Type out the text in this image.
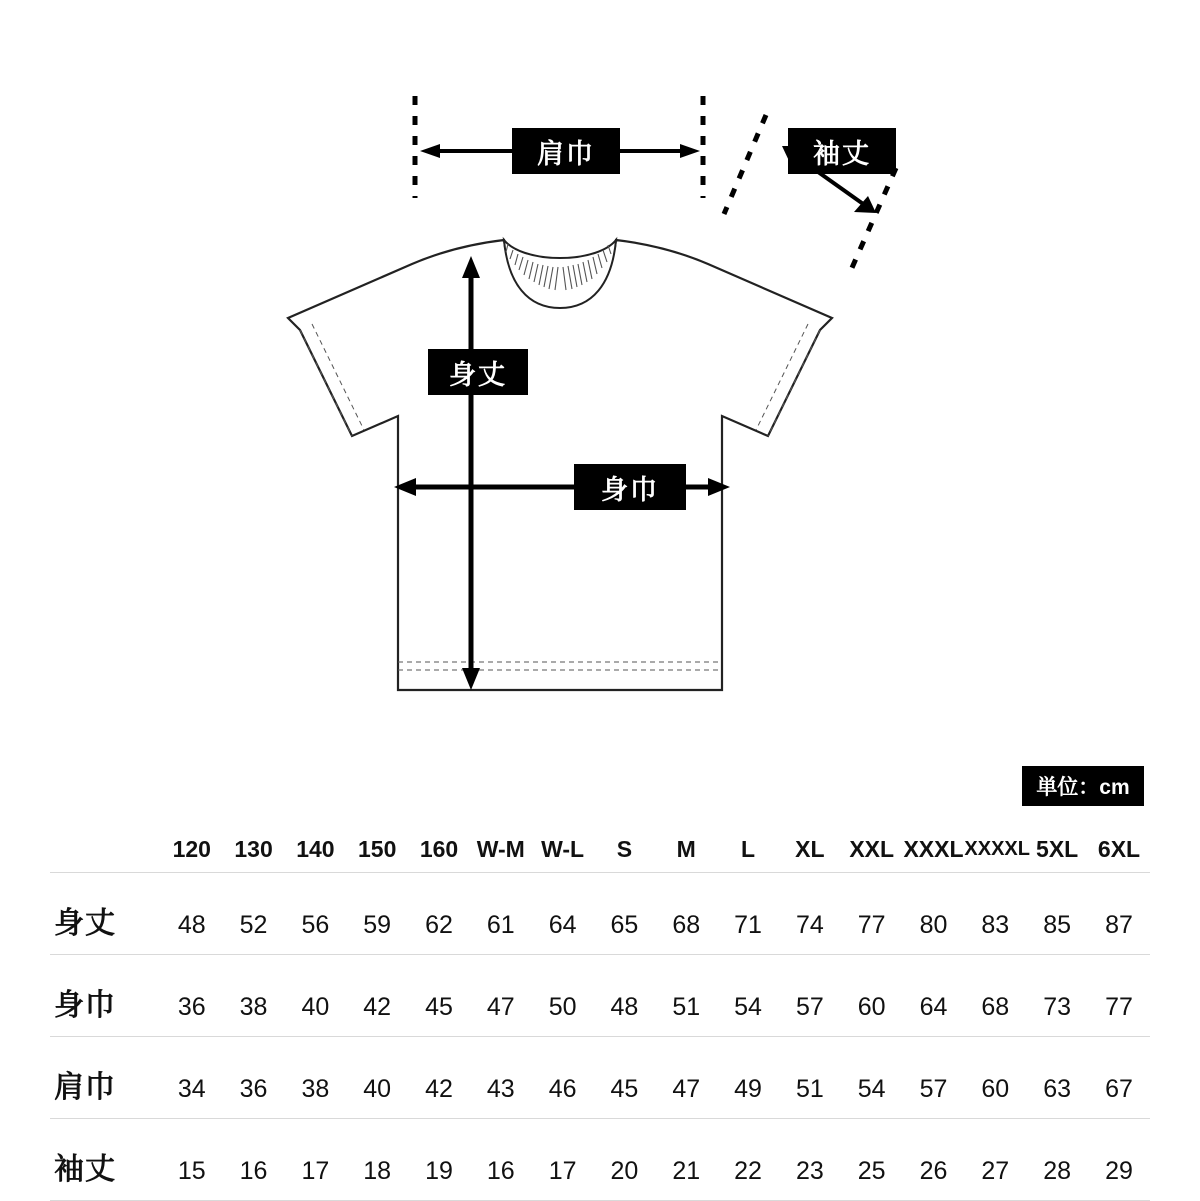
肩巾	袖丈
身丈
身巾
単位：cm
	120	130	140	150	160	W-M	W-L	S	M	L	XL	XXL	XXXL	XXXXL	5XL	6XL
身丈	48	52	56	59	62	61	64	65	68	71	74	77	80	83	85	87
身巾	36	38	40	42	45	47	50	48	51	54	57	60	64	68	73	77
肩巾	34	36	38	40	42	43	46	45	47	49	51	54	57	60	63	67
袖丈	15	16	17	18	19	16	17	20	21	22	23	25	26	27	28	29
